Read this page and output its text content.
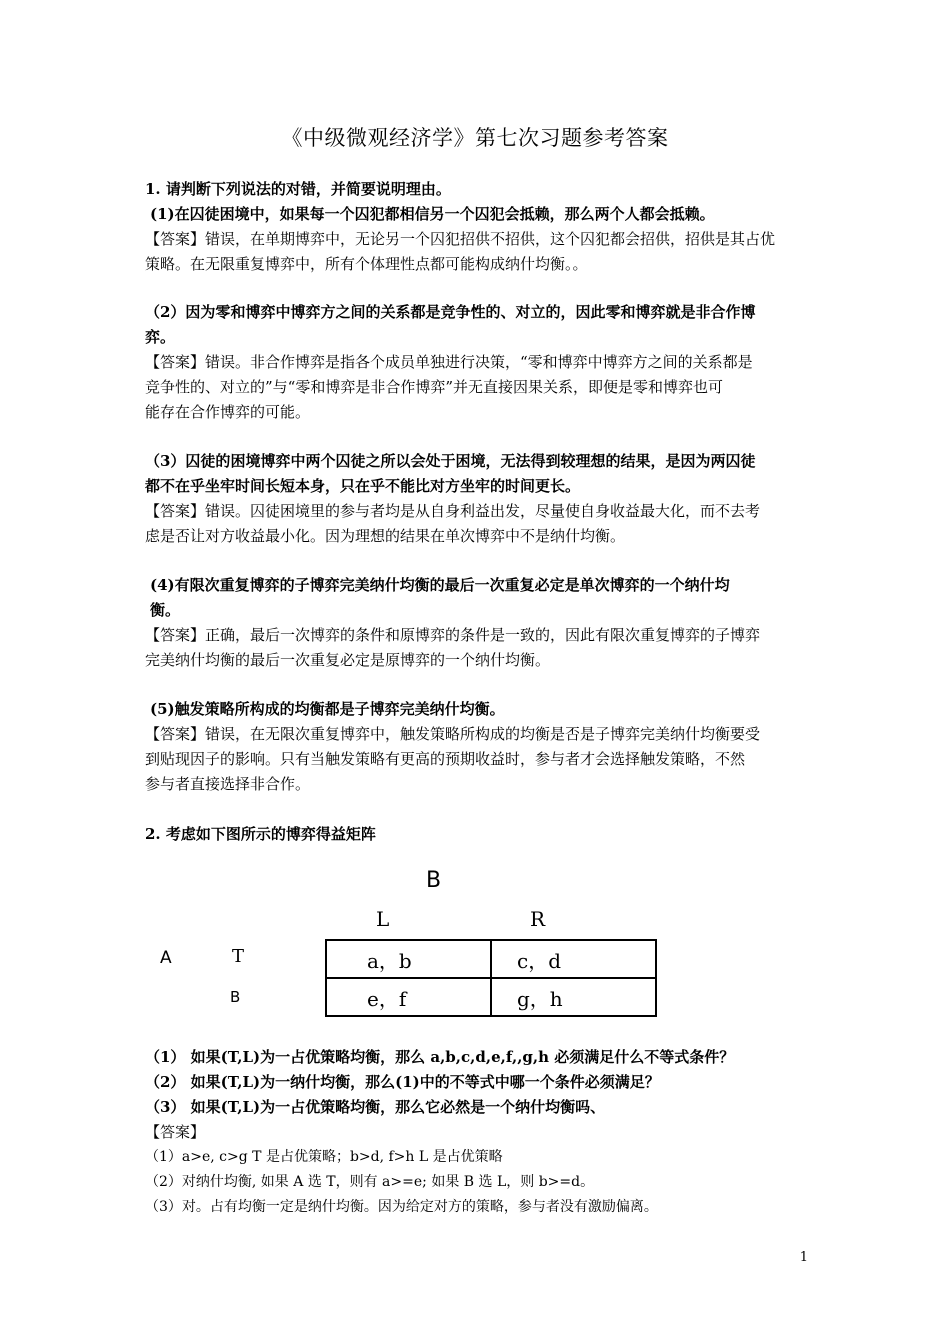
《中级微观经济学》第七次习题参考答案
1. 请判断下列说法的对错，并简要说明理由。
(1)在囚徒困境中，如果每一个囚犯都相信另一个囚犯会抵赖，那么两个人都会抵赖。
【答案】错误，在单期博弈中，无论另一个囚犯招供不招供，这个囚犯都会招供，招供是其占优
策略。在无限重复博弈中，所有个体理性点都可能构成纳什均衡。。
（2）因为零和博弈中博弈方之间的关系都是竞争性的、对立的，因此零和博弈就是非合作博
弈。
【答案】错误。非合作博弈是指各个成员单独进行决策，“零和博弈中博弈方之间的关系都是
竞争性的、对立的”与“零和博弈是非合作博弈”并无直接因果关系，即便是零和博弈也可
能存在合作博弈的可能。
（3）囚徒的困境博弈中两个囚徒之所以会处于困境，无法得到较理想的结果，是因为两囚徒
都不在乎坐牢时间长短本身，只在乎不能比对方坐牢的时间更长。
【答案】错误。囚徒困境里的参与者均是从自身利益出发，尽量使自身收益最大化，而不去考
虑是否让对方收益最小化。因为理想的结果在单次博弈中不是纳什均衡。
(4)有限次重复博弈的子博弈完美纳什均衡的最后一次重复必定是单次博弈的一个纳什均
衡。
【答案】正确，最后一次博弈的条件和原博弈的条件是一致的，因此有限次重复博弈的子博弈
完美纳什均衡的最后一次重复必定是原博弈的一个纳什均衡。
(5)触发策略所构成的均衡都是子博弈完美纳什均衡。
【答案】错误，在无限次重复博弈中，触发策略所构成的均衡是否是子博弈完美纳什均衡要受
到贴现因子的影响。只有当触发策略有更高的预期收益时，参与者才会选择触发策略，不然
参与者直接选择非合作。
2. 考虑如下图所示的博弈得益矩阵
B
L	R
A	T
B
a，b	c，d
e，f	g，h
（1） 如果(T,L)为一占优策略均衡，那么 a,b,c,d,e,f,,g,h 必须满足什么不等式条件？
（2） 如果(T,L)为一纳什均衡，那么(1)中的不等式中哪一个条件必须满足？
（3） 如果(T,L)为一占优策略均衡，那么它必然是一个纳什均衡吗、
【答案】
（1）a>e, c>g T 是占优策略；b>d, f>h L 是占优策略
（2）对纳什均衡, 如果 A 选 T，则有 a>=e; 如果 B 选 L，则 b>=d。
（3）对。占有均衡一定是纳什均衡。因为给定对方的策略，参与者没有激励偏离。
1
